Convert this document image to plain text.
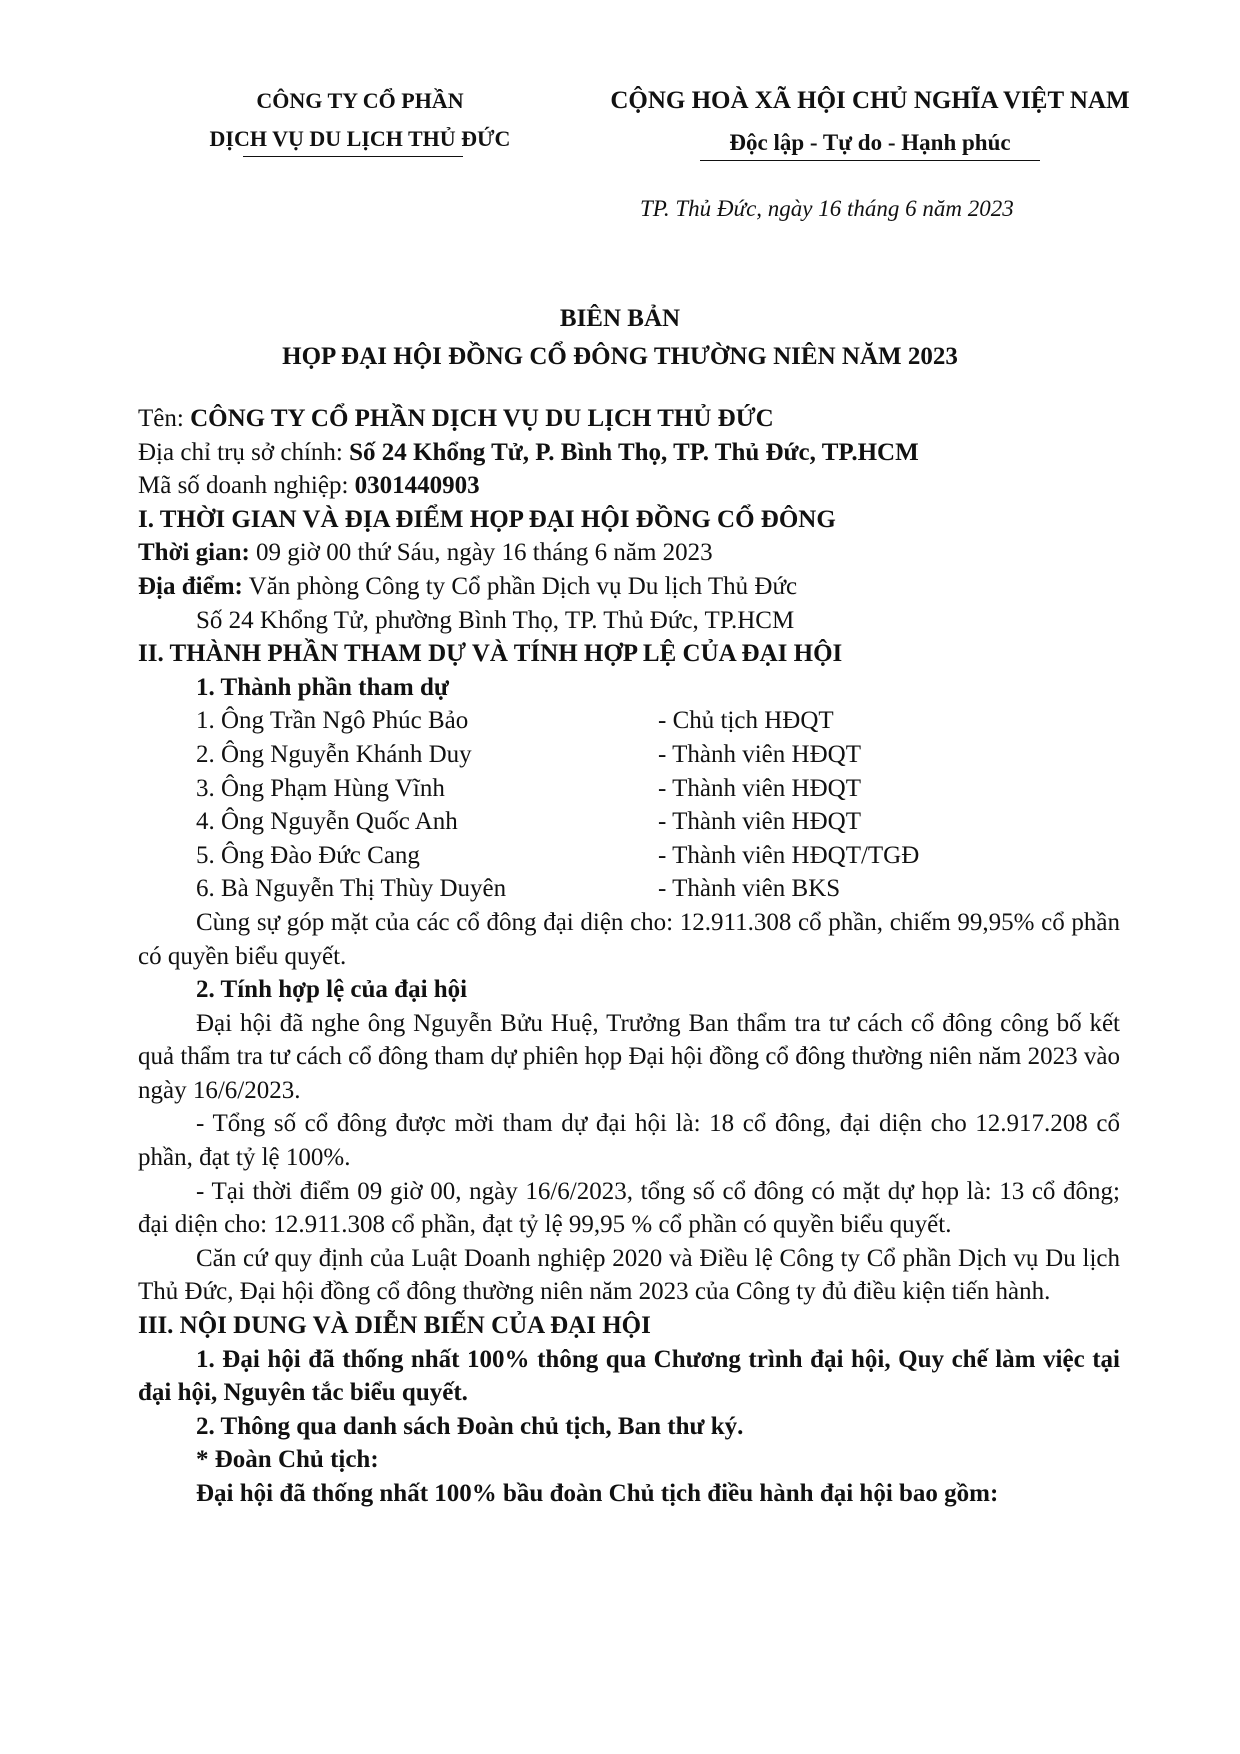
CÔNG TY CỔ PHẦN
DỊCH VỤ DU LỊCH THỦ ĐỨC
CỘNG HOÀ XÃ HỘI CHỦ NGHĨA VIỆT NAM
Độc lập - Tự do - Hạnh phúc
TP. Thủ Đức, ngày 16 tháng 6 năm 2023
BIÊN BẢN
HỌP ĐẠI HỘI ĐỒNG CỔ ĐÔNG THƯỜNG NIÊN NĂM 2023

Tên: CÔNG TY CỔ PHẦN DỊCH VỤ DU LỊCH THỦ ĐỨC

Địa chỉ trụ sở chính: Số 24 Khổng Tử, P. Bình Thọ, TP. Thủ Đức, TP.HCM

Mã số doanh nghiệp: 0301440903

I. THỜI GIAN VÀ ĐỊA ĐIỂM HỌP ĐẠI HỘI ĐỒNG CỔ ĐÔNG

Thời gian: 09 giờ 00 thứ Sáu, ngày 16 tháng 6 năm 2023

Địa điểm: Văn phòng Công ty Cổ phần Dịch vụ Du lịch Thủ Đức

Số 24 Khổng Tử, phường Bình Thọ, TP. Thủ Đức, TP.HCM

II. THÀNH PHẦN THAM DỰ VÀ TÍNH HỢP LỆ CỦA ĐẠI HỘI

1. Thành phần tham dự

1. Ông Trần Ngô Phúc Bảo	- Chủ tịch HĐQT
2. Ông Nguyễn Khánh Duy	- Thành viên HĐQT
3. Ông Phạm Hùng Vĩnh	- Thành viên HĐQT
4. Ông Nguyễn Quốc Anh	- Thành viên HĐQT
5. Ông Đào Đức Cang	- Thành viên HĐQT/TGĐ
6. Bà Nguyễn Thị Thùy Duyên	- Thành viên BKS

Cùng sự góp mặt của các cổ đông đại diện cho: 12.911.308 cổ phần, chiếm 99,95% cổ phần có quyền biểu quyết.

2. Tính hợp lệ của đại hội

Đại hội đã nghe ông Nguyễn Bửu Huệ, Trưởng Ban thẩm tra tư cách cổ đông công bố kết quả thẩm tra tư cách cổ đông tham dự phiên họp Đại hội đồng cổ đông thường niên năm 2023 vào ngày 16/6/2023.

- Tổng số cổ đông được mời tham dự đại hội là: 18 cổ đông, đại diện cho 12.917.208 cổ phần, đạt tỷ lệ 100%.

- Tại thời điểm 09 giờ 00, ngày 16/6/2023, tổng số cổ đông có mặt dự họp là: 13 cổ đông; đại diện cho: 12.911.308 cổ phần, đạt tỷ lệ 99,95 % cổ phần có quyền biểu quyết.

Căn cứ quy định của Luật Doanh nghiệp 2020 và Điều lệ Công ty Cổ phần Dịch vụ Du lịch Thủ Đức, Đại hội đồng cổ đông thường niên năm 2023 của Công ty đủ điều kiện tiến hành.

III. NỘI DUNG VÀ DIỄN BIẾN CỦA ĐẠI HỘI

1. Đại hội đã thống nhất 100% thông qua Chương trình đại hội, Quy chế làm việc tại đại hội, Nguyên tắc biểu quyết.

2. Thông qua danh sách Đoàn chủ tịch, Ban thư ký.

* Đoàn Chủ tịch:

Đại hội đã thống nhất 100% bầu đoàn Chủ tịch điều hành đại hội bao gồm:
